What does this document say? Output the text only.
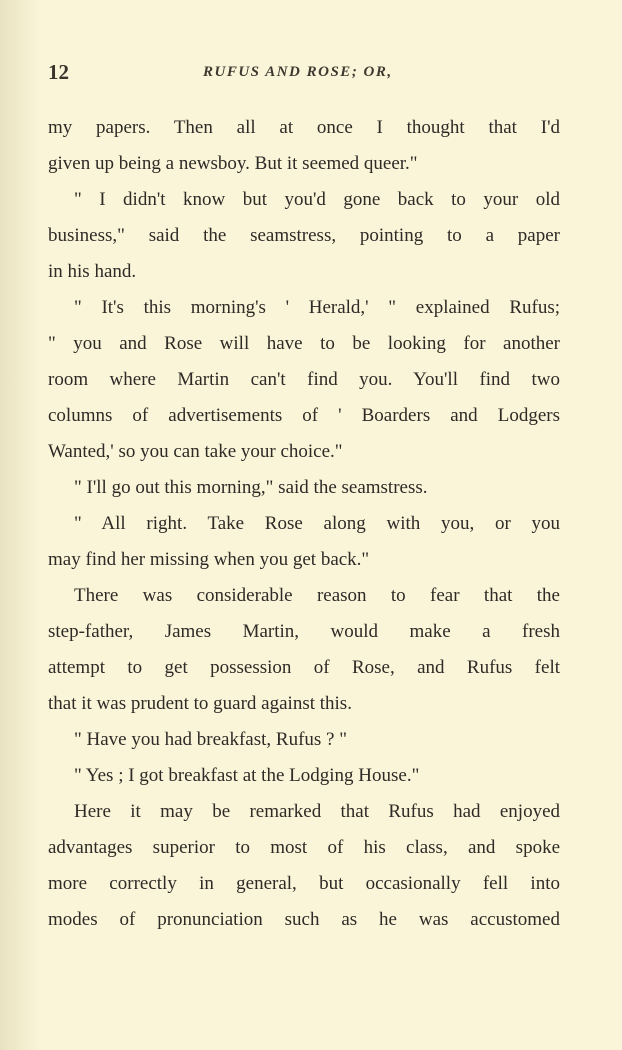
12	RUFUS AND ROSE; OR,
my papers. Then all at once I thought that I'd
given up being a newsboy. But it seemed queer."
" I didn't know but you'd gone back to your old
business," said the seamstress, pointing to a paper
in his hand.
" It's this morning's ' Herald,' " explained Rufus;
" you and Rose will have to be looking for another
room where Martin can't find you. You'll find two
columns of advertisements of ' Boarders and Lodgers
Wanted,' so you can take your choice."
" I'll go out this morning," said the seamstress.
" All right. Take Rose along with you, or you
may find her missing when you get back."
There was considerable reason to fear that the
step-father, James Martin, would make a fresh
attempt to get possession of Rose, and Rufus felt
that it was prudent to guard against this.
" Have you had breakfast, Rufus ? "
" Yes ; I got breakfast at the Lodging House."
Here it may be remarked that Rufus had enjoyed
advantages superior to most of his class, and spoke
more correctly in general, but occasionally fell into
modes of pronunciation such as he was accustomed
